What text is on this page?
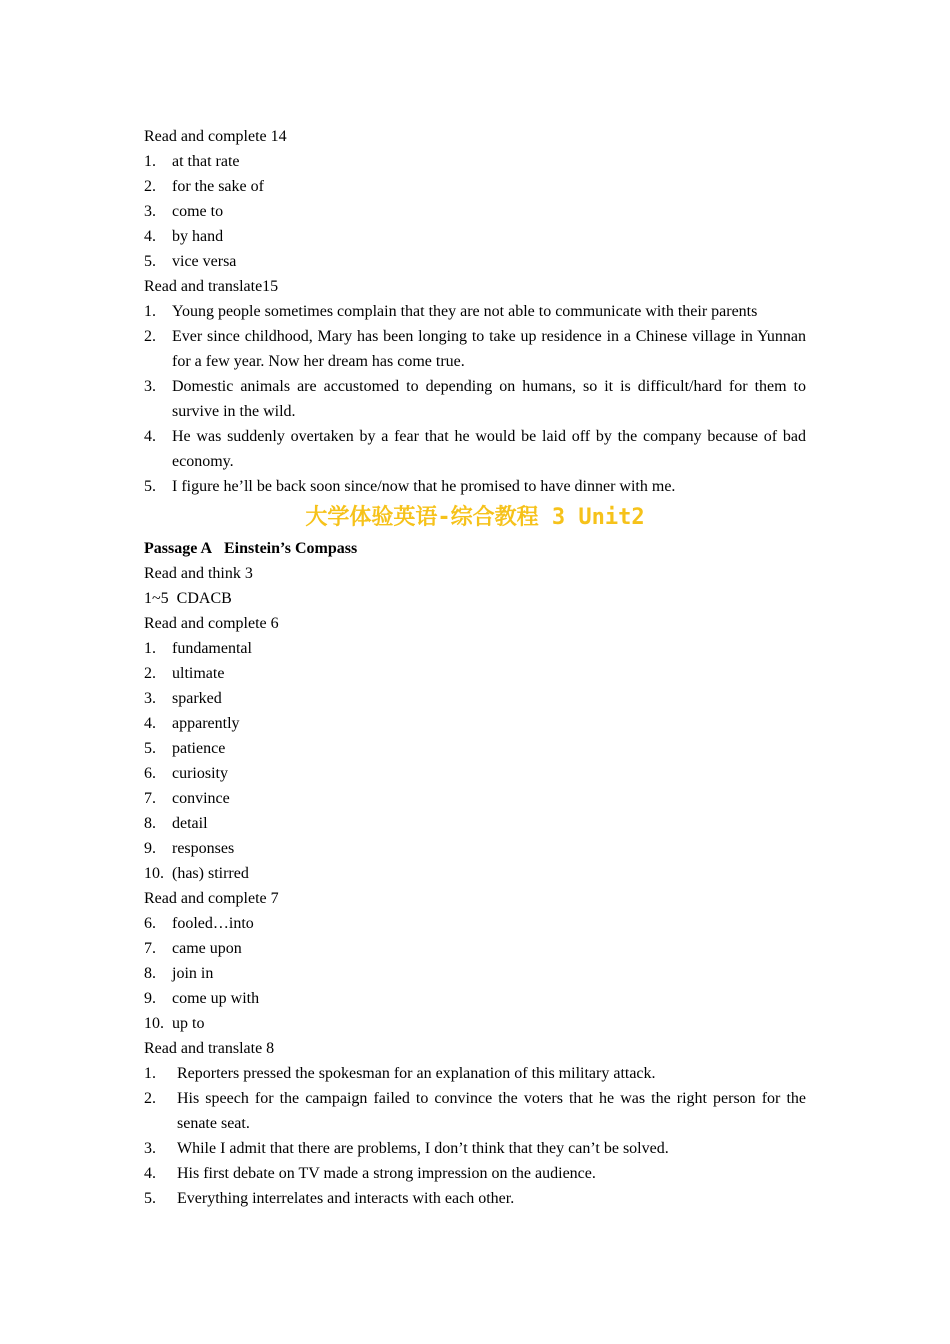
Read and complete 14

1. at that rate
2. for the sake of
3. come to
4. by hand
5. vice versa

Read and translate15

1. Young people sometimes complain that they are not able to communicate with their parents
2. Ever since childhood, Mary has been longing to take up residence in a Chinese village in Yunnan for a few year. Now her dream has come true.
3. Domestic animals are accustomed to depending on humans, so it is difficult/hard for them to survive in the wild.
4. He was suddenly overtaken by a fear that he would be laid off by the company because of bad economy.
5. I figure he’ll be back soon since/now that he promised to have dinner with me.
大学体验英语-综合教程 3 Unit2

Passage A Einstein’s Compass

Read and think 3

1~5  CDACB

Read and complete 6

1. fundamental
2. ultimate
3. sparked
4. apparently
5. patience
6. curiosity
7. convince
8. detail
9. responses
10. (has) stirred

Read and complete 7

6. fooled…into
7. came upon
8. join in
9. come up with
10. up to

Read and translate 8

1. Reporters pressed the spokesman for an explanation of this military attack.
2. His speech for the campaign failed to convince the voters that he was the right person for the senate seat.
3. While I admit that there are problems, I don’t think that they can’t be solved.
4. His first debate on TV made a strong impression on the audience.
5. Everything interrelates and interacts with each other.
